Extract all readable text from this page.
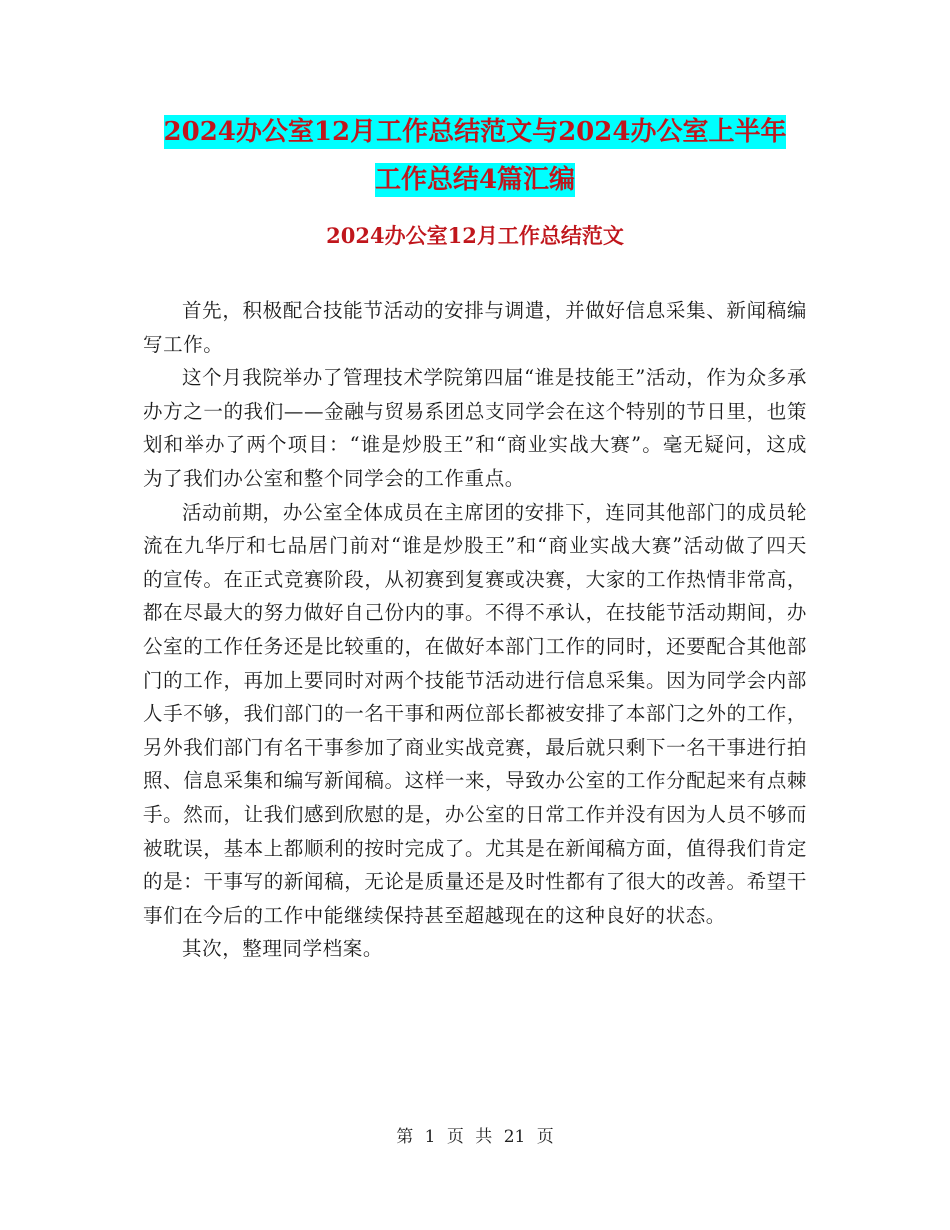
2024办公室12月工作总结范文与2024办公室上半年
工作总结4篇汇编
2024办公室12月工作总结范文

首先，积极配合技能节活动的安排与调遣，并做好信息采集、新闻稿编写工作。

这个月我院举办了管理技术学院第四届“谁是技能王”活动，作为众多承办方之一的我们——金融与贸易系团总支同学会在这个特别的节日里，也策划和举办了两个项目：“谁是炒股王”和“商业实战大赛”。毫无疑问，这成为了我们办公室和整个同学会的工作重点。

活动前期，办公室全体成员在主席团的安排下，连同其他部门的成员轮流在九华厅和七品居门前对“谁是炒股王”和“商业实战大赛”活动做了四天的宣传。在正式竞赛阶段，从初赛到复赛或决赛，大家的工作热情非常高，都在尽最大的努力做好自己份内的事。不得不承认，在技能节活动期间，办公室的工作任务还是比较重的，在做好本部门工作的同时，还要配合其他部门的工作，再加上要同时对两个技能节活动进行信息采集。因为同学会内部人手不够，我们部门的一名干事和两位部长都被安排了本部门之外的工作，另外我们部门有名干事参加了商业实战竞赛，最后就只剩下一名干事进行拍照、信息采集和编写新闻稿。这样一来，导致办公室的工作分配起来有点棘手。然而，让我们感到欣慰的是，办公室的日常工作并没有因为人员不够而被耽误，基本上都顺利的按时完成了。尤其是在新闻稿方面，值得我们肯定的是：干事写的新闻稿，无论是质量还是及时性都有了很大的改善。希望干事们在今后的工作中能继续保持甚至超越现在的这种良好的状态。

其次，整理同学档案。

第 1 页 共 21 页
